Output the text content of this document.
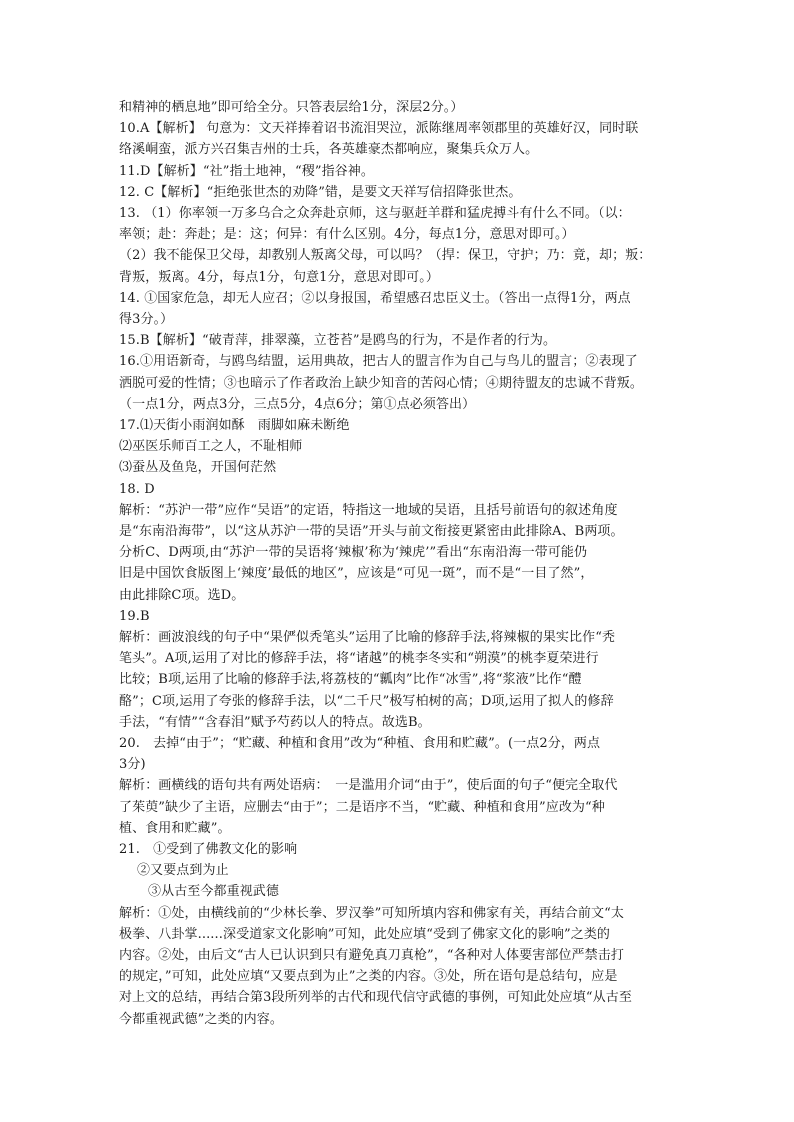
和精神的栖息地”即可给全分。只答表层给1分，深层2分。）
10.A【解析】 句意为：文天祥捧着诏书流泪哭泣，派陈继周率领郡里的英雄好汉，同时联
络溪峒蛮，派方兴召集吉州的士兵，各英雄豪杰都响应，聚集兵众万人。
11.D【解析】“社”指土地神，“稷”指谷神。
12. C【解析】“拒绝张世杰的劝降”错，是要文天祥写信招降张世杰。
13. （1）你率领一万多乌合之众奔赴京师，这与驱赶羊群和猛虎搏斗有什么不同。（以：
率领；赴：奔赴；是：这；何异：有什么区别。4分，每点1分，意思对即可。）
（2）我不能保卫父母，却教别人叛离父母，可以吗？（捍：保卫，守护；乃：竟，却；叛：
背叛，叛离。4分，每点1分，句意1分，意思对即可。）
14. ①国家危急，却无人应召；②以身报国，希望感召忠臣义士。（答出一点得1分，两点
得3分。）
15.B【解析】“破青萍，排翠藻，立苍苔”是鸥鸟的行为，不是作者的行为。
16.①用语新奇，与鸥鸟结盟，运用典故，把古人的盟言作为自己与鸟儿的盟言；②表现了
洒脱可爱的性情；③也暗示了作者政治上缺少知音的苦闷心情；④期待盟友的忠诚不背叛。
（一点1分，两点3分，三点5分，4点6分；第①点必须答出）
17.⑴天街小雨润如酥　雨脚如麻未断绝
⑵巫医乐师百工之人，不耻相师
⑶蚕丛及鱼凫，开国何茫然
18. D
解析：“苏沪一带”应作“吴语”的定语，特指这一地域的吴语，且括号前语句的叙述角度
是“东南沿海带”，以“这从苏沪一带的吴语”开头与前文衔接更紧密由此排除A、B两项。
分析C、D两项,由“苏沪一带的吴语将‘辣椒’称为‘辣虎’”看出“东南沿海一带可能仍
旧是中国饮食版图上‘辣度’最低的地区”，应该是“可见一斑”，而不是“一目了然”，
由此排除C项。选D。
19.B
解析：画波浪线的句子中“果俨似秃笔头”运用了比喻的修辞手法,将辣椒的果实比作“秃
笔头”。A项,运用了对比的修辞手法，将“诸越”的桃李冬实和“朔漠”的桃李夏荣进行
比较；B项,运用了比喻的修辞手法,将荔枝的“瓤肉”比作“冰雪”,将“浆液”比作“醴
酪”；C项,运用了夸张的修辞手法，以“二千尺”极写柏树的高；D项,运用了拟人的修辞
手法，“有情”“含春泪”赋予芍药以人的特点。故选B。
20.　去掉“由于”；“贮藏、种植和食用”改为“种植、食用和贮藏”。(一点2分，两点
3分)
解析：画横线的语句共有两处语病：　一是滥用介词“由于”，使后面的句子“便完全取代
了茱萸”缺少了主语，应删去“由于”；二是语序不当，“贮藏、种植和食用”应改为“种
植、食用和贮藏”。
21.　①受到了佛教文化的影响
②又要点到为止
③从古至今都重视武德
解析：①处，由横线前的“少林长拳、罗汉拳”可知所填内容和佛家有关，再结合前文“太
极拳、八卦掌......深受道家文化影响”可知，此处应填“受到了佛家文化的影响”之类的
内容。②处，由后文“古人已认识到只有避免真刀真枪”，“各种对人体要害部位严禁击打
的规定，”可知，此处应填“又要点到为止”之类的内容。③处，所在语句是总结句，应是
对上文的总结，再结合第3段所列举的古代和现代信守武德的事例，可知此处应填“从古至
今都重视武德”之类的内容。
